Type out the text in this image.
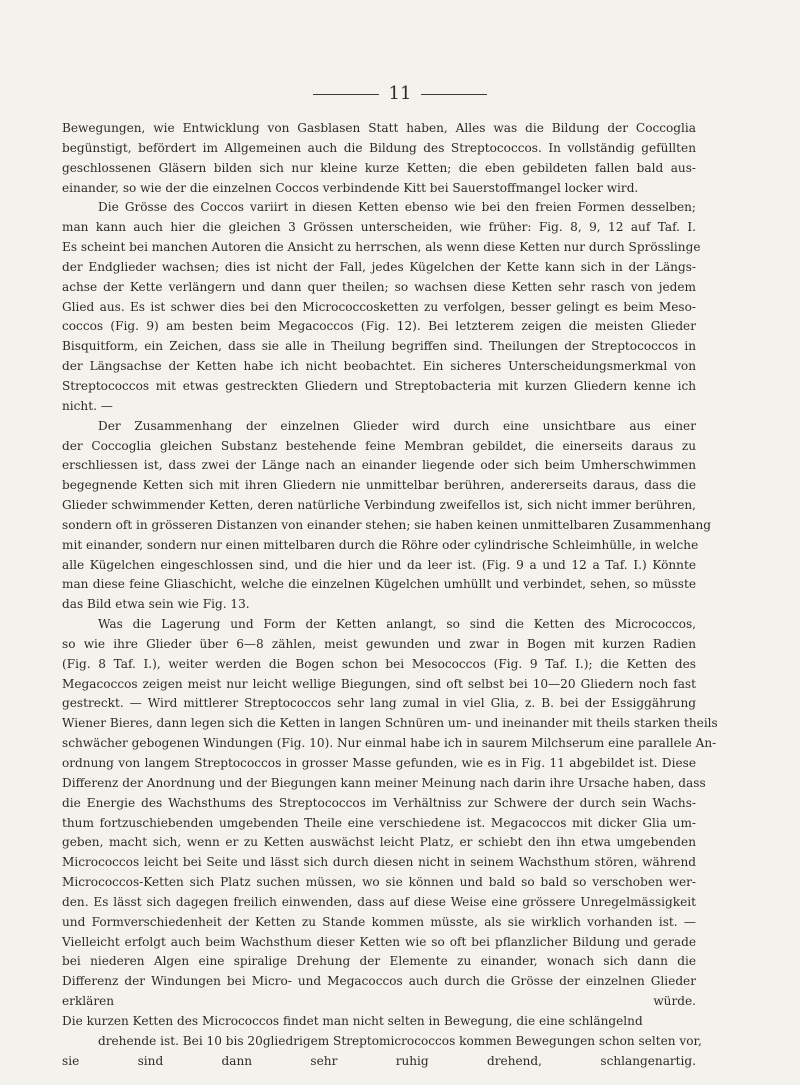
11
Bewegungen, wie Entwicklung von Gasblasen Statt haben, Alles was die Bildung der Coccoglia
begünstigt, befördert im Allgemeinen auch die Bildung des Streptococcos. In vollständig gefüllten
geschlossenen Gläsern bilden sich nur kleine kurze Ketten; die eben gebildeten fallen bald aus-
einander, so wie der die einzelnen Coccos verbindende Kitt bei Sauerstoffmangel locker wird.
Die Grösse des Coccos variirt in diesen Ketten ebenso wie bei den freien Formen desselben;
man kann auch hier die gleichen 3 Grössen unterscheiden, wie früher: Fig. 8, 9, 12 auf Taf. I.
Es scheint bei manchen Autoren die Ansicht zu herrschen, als wenn diese Ketten nur durch Sprösslinge
der Endglieder wachsen; dies ist nicht der Fall, jedes Kügelchen der Kette kann sich in der Längs-
achse der Kette verlängern und dann quer theilen; so wachsen diese Ketten sehr rasch von jedem
Glied aus. Es ist schwer dies bei den Micrococcosketten zu verfolgen, besser gelingt es beim Meso-
coccos (Fig. 9) am besten beim Megacoccos (Fig. 12). Bei letzterem zeigen die meisten Glieder
Bisquitform, ein Zeichen, dass sie alle in Theilung begriffen sind. Theilungen der Streptococcos in
der Längsachse der Ketten habe ich nicht beobachtet. Ein sicheres Unterscheidungsmerkmal von
Streptococcos mit etwas gestreckten Gliedern und Streptobacteria mit kurzen Gliedern kenne ich
nicht. —
Der Zusammenhang der einzelnen Glieder wird durch eine unsichtbare aus einer
der Coccoglia gleichen Substanz bestehende feine Membran gebildet, die einerseits daraus zu
erschliessen ist, dass zwei der Länge nach an einander liegende oder sich beim Umherschwimmen
begegnende Ketten sich mit ihren Gliedern nie unmittelbar berühren, andererseits daraus, dass die
Glieder schwimmender Ketten, deren natürliche Verbindung zweifellos ist, sich nicht immer berühren,
sondern oft in grösseren Distanzen von einander stehen; sie haben keinen unmittelbaren Zusammenhang
mit einander, sondern nur einen mittelbaren durch die Röhre oder cylindrische Schleimhülle, in welche
alle Kügelchen eingeschlossen sind, und die hier und da leer ist. (Fig. 9 a und 12 a Taf. I.) Könnte
man diese feine Gliaschicht, welche die einzelnen Kügelchen umhüllt und verbindet, sehen, so müsste
das Bild etwa sein wie Fig. 13.
Was die Lagerung und Form der Ketten anlangt, so sind die Ketten des Micrococcos,
so wie ihre Glieder über 6—8 zählen, meist gewunden und zwar in Bogen mit kurzen Radien
(Fig. 8 Taf. I.), weiter werden die Bogen schon bei Mesococcos (Fig. 9 Taf. I.); die Ketten des
Megacoccos zeigen meist nur leicht wellige Biegungen, sind oft selbst bei 10—20 Gliedern noch fast
gestreckt. — Wird mittlerer Streptococcos sehr lang zumal in viel Glia, z. B. bei der Essiggährung
Wiener Bieres, dann legen sich die Ketten in langen Schnüren um- und ineinander mit theils starken theils
schwächer gebogenen Windungen (Fig. 10). Nur einmal habe ich in saurem Milchserum eine parallele An-
ordnung von langem Streptococcos in grosser Masse gefunden, wie es in Fig. 11 abgebildet ist. Diese
Differenz der Anordnung und der Biegungen kann meiner Meinung nach darin ihre Ursache haben, dass
die Energie des Wachsthums des Streptococcos im Verhältniss zur Schwere der durch sein Wachs-
thum fortzuschiebenden umgebenden Theile eine verschiedene ist. Megacoccos mit dicker Glia um-
geben, macht sich, wenn er zu Ketten auswächst leicht Platz, er schiebt den ihn etwa umgebenden
Micrococcos leicht bei Seite und lässt sich durch diesen nicht in seinem Wachsthum stören, während
Micrococcos-Ketten sich Platz suchen müssen, wo sie können und bald so bald so verschoben wer-
den. Es lässt sich dagegen freilich einwenden, dass auf diese Weise eine grössere Unregelmässigkeit
und Formverschiedenheit der Ketten zu Stande kommen müsste, als sie wirklich vorhanden ist. —
Vielleicht erfolgt auch beim Wachsthum dieser Ketten wie so oft bei pflanzlicher Bildung und gerade
bei niederen Algen eine spiralige Drehung der Elemente zu einander, wonach sich dann die
Differenz der Windungen bei Micro- und Megacoccos auch durch die Grösse der einzelnen Glieder
erklären würde.
Die kurzen Ketten des Micrococcos findet man nicht selten in Bewegung, die eine schlängelnd
drehende ist. Bei 10 bis 20gliedrigem Streptomicrococcos kommen Bewegungen schon selten vor,
sie sind dann sehr ruhig drehend, schlangenartig.
